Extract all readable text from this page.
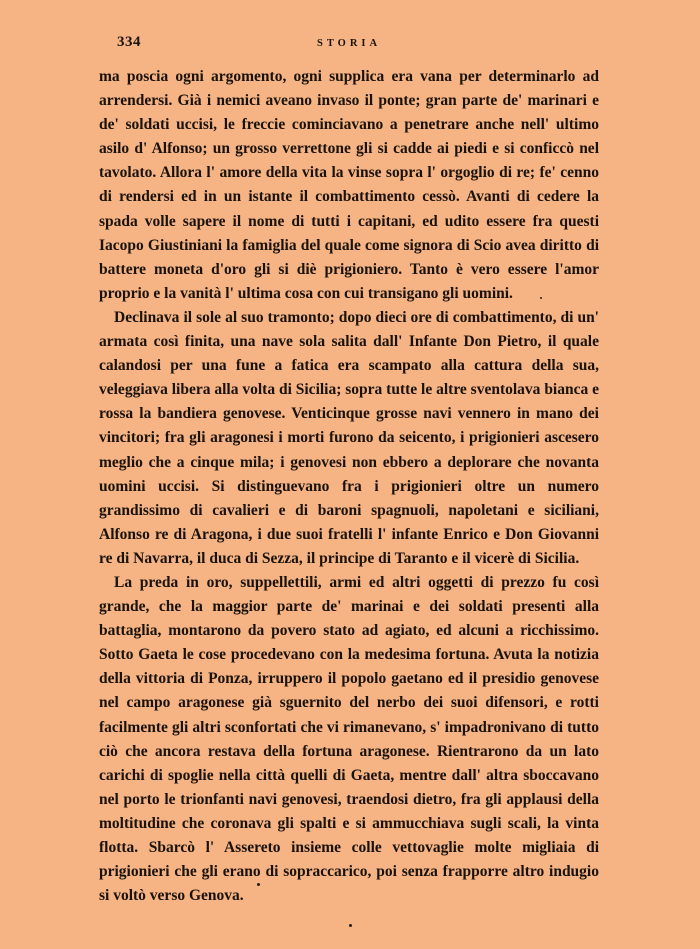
334	STORIA

ma poscia ogni argomento, ogni supplica era vana per determinarlo ad arrendersi. Già i nemici aveano invaso il ponte; gran parte de' marinari e de' soldati uccisi, le freccie cominciavano a penetrare anche nell' ultimo asilo d' Alfonso; un grosso verrettone gli si cadde ai piedi e si conficcò nel tavolato. Allora l' amore della vita la vinse sopra l' orgoglio di re; fe' cenno di rendersi ed in un istante il combattimento cessò. Avanti di cedere la spada volle sapere il nome di tutti i capitani, ed udito essere fra questi Iacopo Giustiniani la famiglia del quale come signora di Scio avea diritto di battere moneta d'oro gli si diè prigioniero. Tanto è vero essere l'amor proprio e la vanità l' ultima cosa con cui transigano gli uomini.

Declinava il sole al suo tramonto; dopo dieci ore di combattimento, di un' armata così finita, una nave sola salita dall' Infante Don Pietro, il quale calandosi per una fune a fatica era scampato alla cattura della sua, veleggiava libera alla volta di Sicilia; sopra tutte le altre sventolava bianca e rossa la bandiera genovese. Venticinque grosse navi vennero in mano dei vincitori; fra gli aragonesi i morti furono da seicento, i prigionieri ascesero meglio che a cinque mila; i genovesi non ebbero a deplorare che novanta uomini uccisi. Si distinguevano fra i prigionieri oltre un numero grandissimo di cavalieri e di baroni spagnuoli, napoletani e siciliani, Alfonso re di Aragona, i due suoi fratelli l' infante Enrico e Don Giovanni re di Navarra, il duca di Sezza, il principe di Taranto e il vicerè di Sicilia.

La preda in oro, suppellettili, armi ed altri oggetti di prezzo fu così grande, che la maggior parte de' marinai e dei soldati presenti alla battaglia, montarono da povero stato ad agiato, ed alcuni a ricchissimo. Sotto Gaeta le cose procedevano con la medesima fortuna. Avuta la notizia della vittoria di Ponza, irruppero il popolo gaetano ed il presidio genovese nel campo aragonese già sguernito del nerbo dei suoi difensori, e rotti facilmente gli altri sconfortati che vi rimanevano, s' impadronivano di tutto ciò che ancora restava della fortuna aragonese. Rientrarono da un lato carichi di spoglie nella città quelli di Gaeta, mentre dall' altra sboccavano nel porto le trionfanti navi genovesi, traendosi dietro, fra gli applausi della moltitudine che coronava gli spalti e si ammucchiava sugli scali, la vinta flotta. Sbarcò l' Assereto insieme colle vettovaglie molte migliaia di prigionieri che gli erano di sopraccarico, poi senza frapporre altro indugio si voltò verso Genova.
